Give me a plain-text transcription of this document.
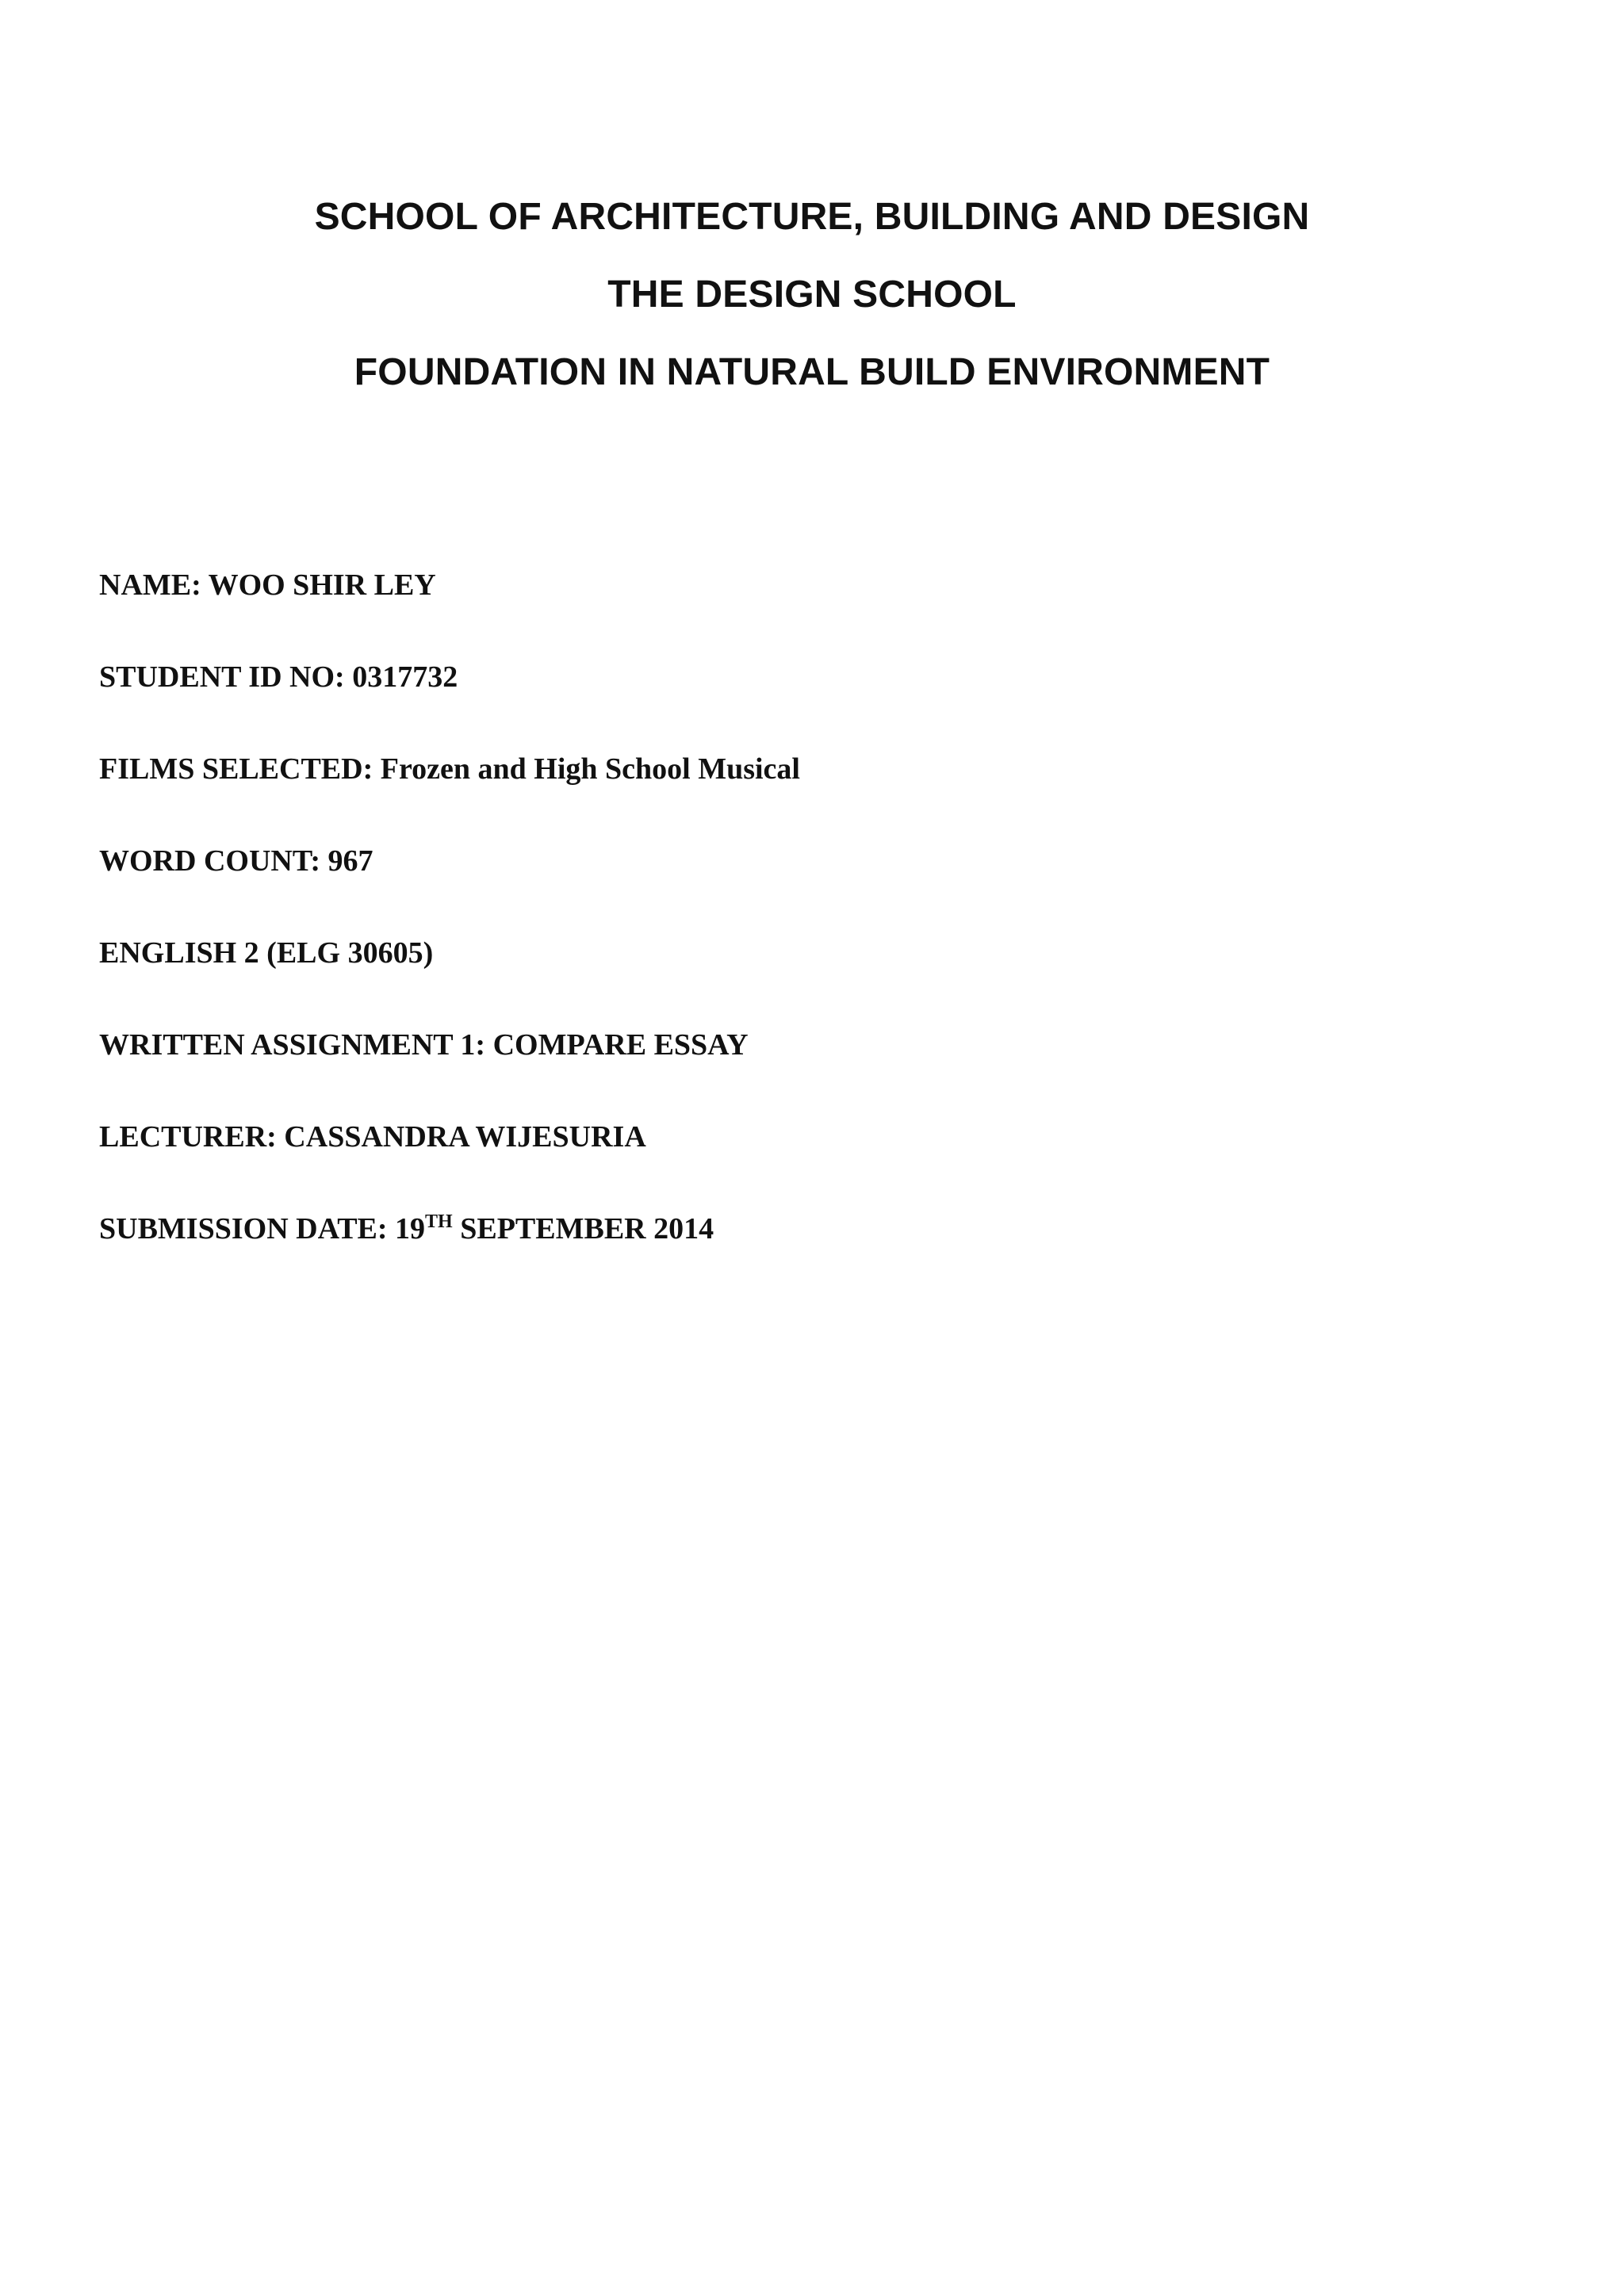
SCHOOL OF ARCHITECTURE, BUILDING AND DESIGN
THE DESIGN SCHOOL
FOUNDATION IN NATURAL BUILD ENVIRONMENT
NAME: WOO SHIR LEY
STUDENT ID NO: 0317732
FILMS SELECTED: Frozen and High School Musical
WORD COUNT: 967
ENGLISH 2 (ELG 30605)
WRITTEN ASSIGNMENT 1: COMPARE ESSAY
LECTURER: CASSANDRA WIJESURIA
SUBMISSION DATE: 19TH SEPTEMBER 2014
